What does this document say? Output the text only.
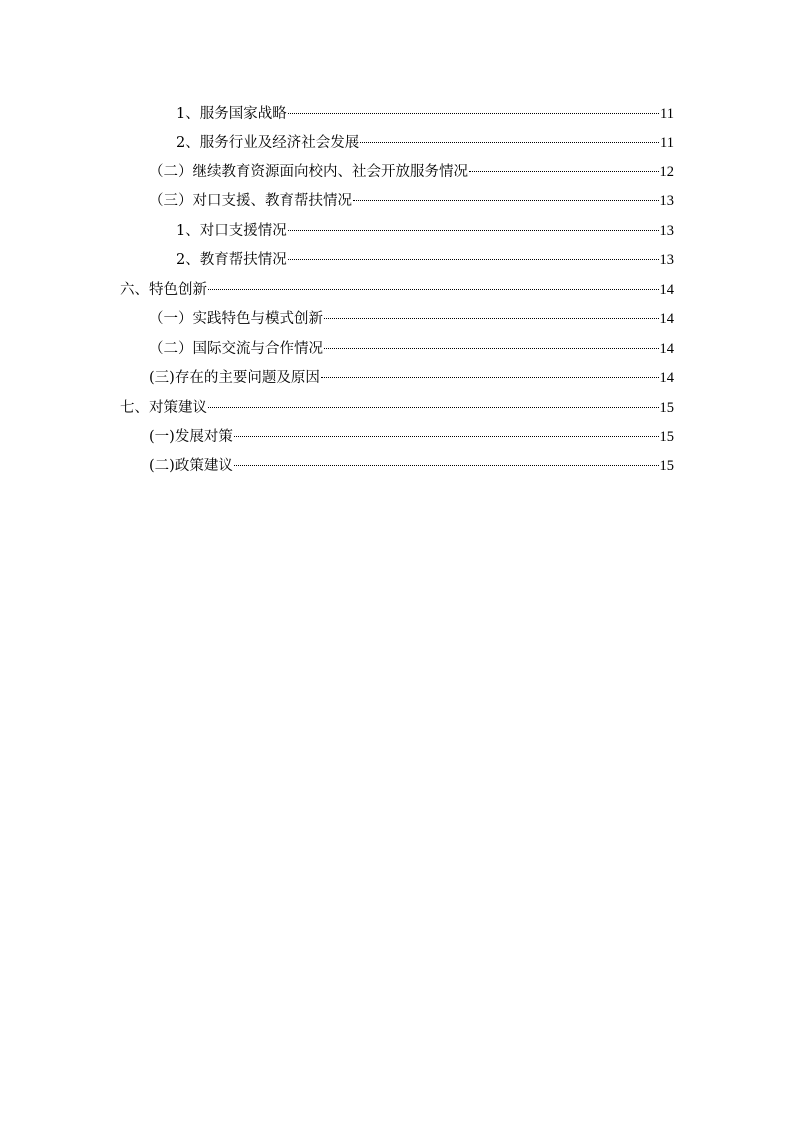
1、服务国家战略	11
2、服务行业及经济社会发展	11
（二）继续教育资源面向校内、社会开放服务情况	12
（三）对口支援、教育帮扶情况	13
1、对口支援情况	13
2、教育帮扶情况	13
六、特色创新	14
（一）实践特色与模式创新	14
（二）国际交流与合作情况	14
(三)存在的主要问题及原因	14
七、对策建议	15
(一)发展对策	15
(二)政策建议	15
